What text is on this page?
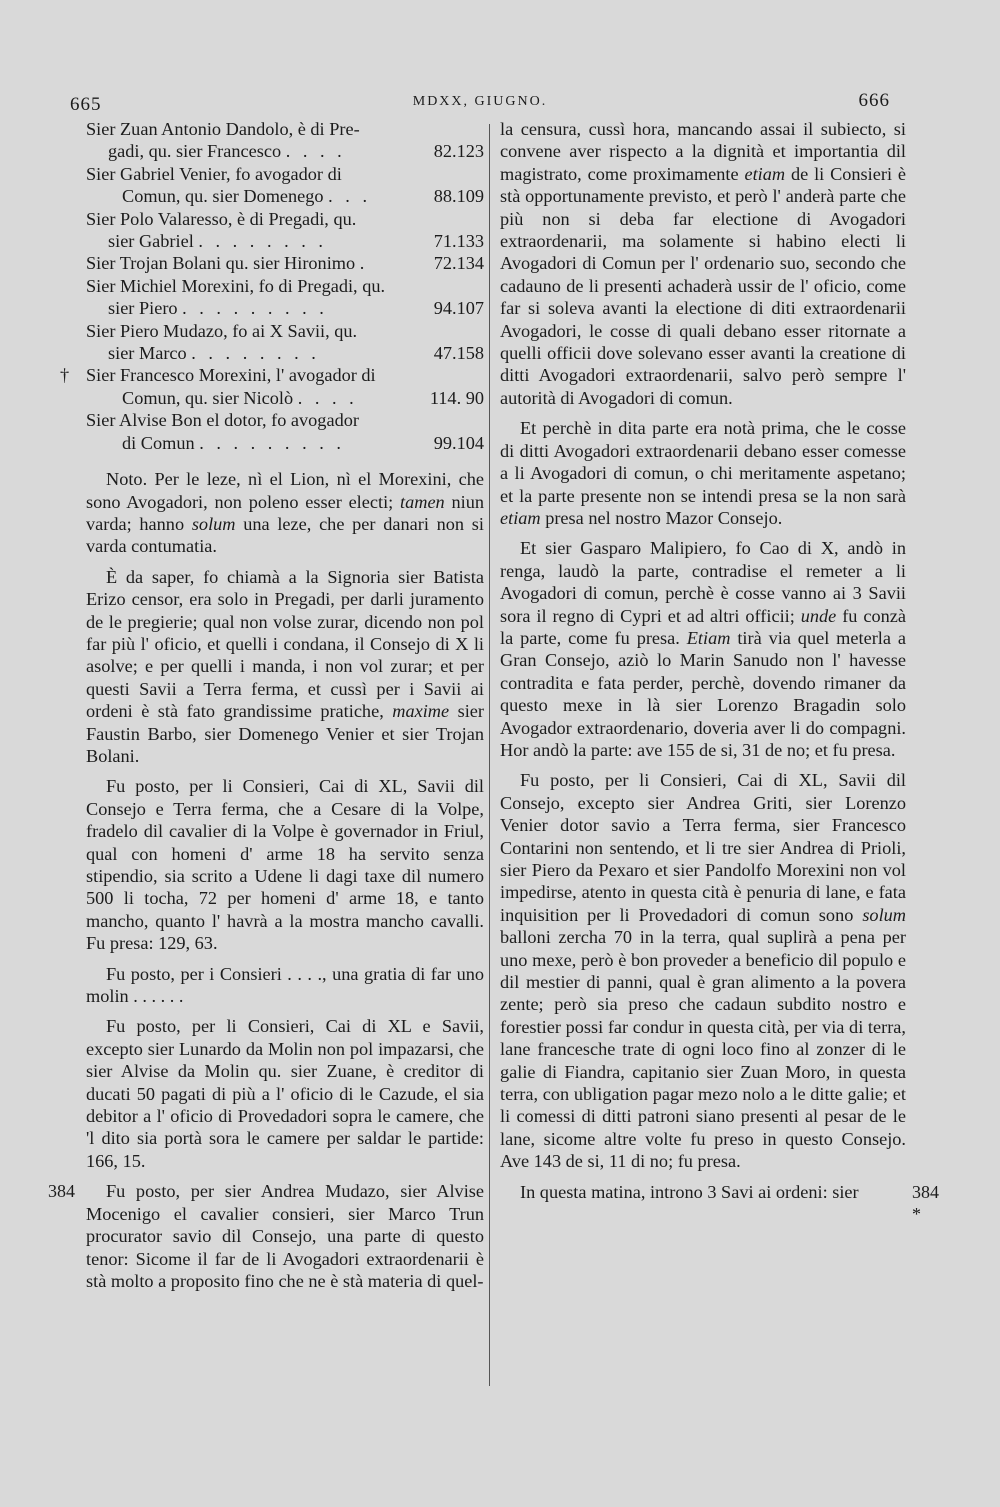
665	MDXX, GIUGNO.	666
Sier Zuan Antonio Dandolo, è di Pre-
gadi, qu. sier Francesco . . . .	82.123
Sier Gabriel Venier, fo avogador di
Comun, qu. sier Domenego . . .	88.109
Sier Polo Valaresso, è di Pregadi, qu.
sier Gabriel . . . . . . . .	71.133
Sier Trojan Bolani qu. sier Hironimo .	72.134
Sier Michiel Morexini, fo di Pregadi, qu.
sier Piero . . . . . . . . .	94.107
Sier Piero Mudazo, fo ai X Savii, qu.
sier Marco . . . . . . . .	47.158
† Sier Francesco Morexini, l' avogador di
Comun, qu. sier Nicolò . . . .	114. 90
Sier Alvise Bon el dotor, fo avogador
di Comun . . . . . . . . .	99.104

Noto. Per le leze, nì el Lion, nì el Morexini, che sono Avogadori, non poleno esser electi; tamen niun varda; hanno solum una leze, che per danari non si varda contumatia.

È da saper, fo chiamà a la Signoria sier Batista Erizo censor, era solo in Pregadi, per darli juramento de le pregierie; qual non volse zurar, dicendo non pol far più l' oficio, et quelli i condana, il Consejo di X li asolve; e per quelli i manda, i non vol zurar; et per questi Savii a Terra ferma, et cussì per i Savii ai ordeni è stà fato grandissime pratiche, maxime sier Faustin Barbo, sier Domenego Venier et sier Trojan Bolani.

Fu posto, per li Consieri, Cai di XL, Savii dil Consejo e Terra ferma, che a Cesare di la Volpe, fradelo dil cavalier di la Volpe è governador in Friul, qual con homeni d' arme 18 ha servito senza stipendio, sia scrito a Udene li dagi taxe dil numero 500 li tocha, 72 per homeni d' arme 18, e tanto mancho, quanto l' havrà a la mostra mancho cavalli. Fu presa: 129, 63.

Fu posto, per i Consieri . . . ., una gratia di far uno molin . . . . . .

Fu posto, per li Consieri, Cai di XL e Savii, excepto sier Lunardo da Molin non pol impazarsi, che sier Alvise da Molin qu. sier Zuane, è creditor di ducati 50 pagati di più a l' oficio di le Cazude, el sia debitor a l' oficio di Provedadori sopra le camere, che 'l dito sia portà sora le camere per saldar le partide: 166, 15.

384	Fu posto, per sier Andrea Mudazo, sier Alvise Mocenigo el cavalier consieri, sier Marco Trun procurator savio dil Consejo, una parte di questo tenor: Sicome il far de li Avogadori extraordenarii è stà molto a proposito fino che ne è stà materia di quel-

la censura, cussì hora, mancando assai il subiecto, si convene aver rispecto a la dignità et importantia dil magistrato, come proximamente etiam de li Consieri è stà opportunamente previsto, et però l' anderà parte che più non si deba far electione di Avogadori extraordenarii, ma solamente si habino electi li Avogadori di Comun per l' ordenario suo, secondo che cadauno de li presenti achaderà ussir de l' oficio, come far si soleva avanti la electione di diti extraordenarii Avogadori, le cosse di quali debano esser ritornate a quelli officii dove solevano esser avanti la creatione di ditti Avogadori extraordenarii, salvo però sempre l' autorità di Avogadori di comun.

Et perchè in dita parte era notà prima, che le cosse di ditti Avogadori extraordenarii debano esser comesse a li Avogadori di comun, o chi meritamente aspetano; et la parte presente non se intendi presa se la non sarà etiam presa nel nostro Mazor Consejo.

Et sier Gasparo Malipiero, fo Cao di X, andò in renga, laudò la parte, contradise el remeter a li Avogadori di comun, perchè è cosse vanno ai 3 Savii sora il regno di Cypri et ad altri officii; unde fu conzà la parte, come fu presa. Etiam tirà via quel meterla a Gran Consejo, aziò lo Marin Sanudo non l' havesse contradita e fata perder, perchè, dovendo rimaner da questo mexe in là sier Lorenzo Bragadin solo Avogador extraordenario, doveria aver li do compagni. Hor andò la parte: ave 155 de si, 31 de no; et fu presa.

Fu posto, per li Consieri, Cai di XL, Savii dil Consejo, excepto sier Andrea Griti, sier Lorenzo Venier dotor savio a Terra ferma, sier Francesco Contarini non sentendo, et li tre sier Andrea di Prioli, sier Piero da Pexaro et sier Pandolfo Morexini non vol impedirse, atento in questa cità è penuria di lane, e fata inquisition per li Provedadori di comun sono solum balloni zercha 70 in la terra, qual suplirà a pena per uno mexe, però è bon proveder a beneficio dil populo e dil mestier di panni, qual è gran alimento a la povera zente; però sia preso che cadaun subdito nostro e forestier possi far condur in questa cità, per via di terra, lane francesche trate di ogni loco fino al zonzer di le galie di Fiandra, capitanio sier Zuan Moro, in questa terra, con ubligation pagar mezo nolo a le ditte galie; et li comessi di ditti patroni siano presenti al pesar de le lane, sicome altre volte fu preso in questo Consejo. Ave 143 de si, 11 di no; fu presa.

In questa matina, introno 3 Savi ai ordeni: sier	384 *
